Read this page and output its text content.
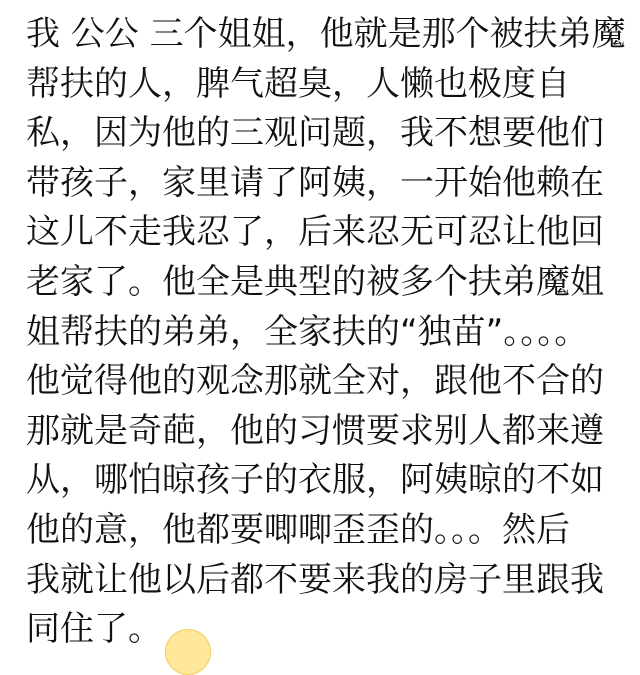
我 公公 三个姐姐，他就是那个被扶弟魔
帮扶的人，脾气超臭，人懒也极度自
私，因为他的三观问题，我不想要他们
带孩子，家里请了阿姨，一开始他赖在
这儿不走我忍了，后来忍无可忍让他回
老家了。他全是典型的被多个扶弟魔姐
姐帮扶的弟弟，全家扶的“独苗”。。。。
他觉得他的观念那就全对，跟他不合的
那就是奇葩，他的习惯要求别人都来遵
从，哪怕晾孩子的衣服，阿姨晾的不如
他的意，他都要唧唧歪歪的。。。然后
我就让他以后都不要来我的房子里跟我
同住了。
